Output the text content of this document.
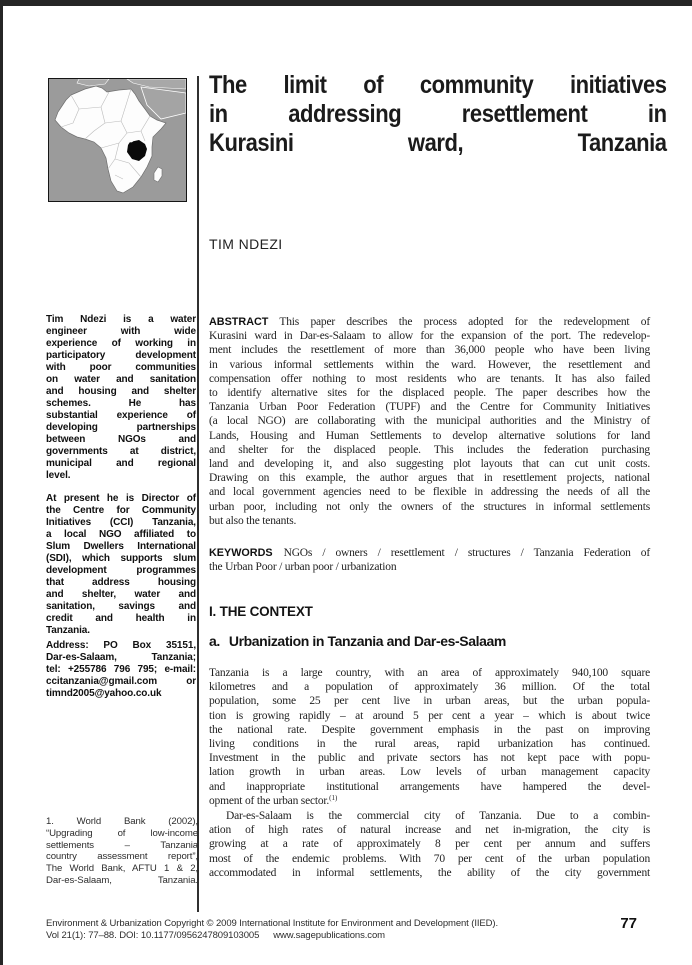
The limit of community initiatives
in addressing resettlement in
Kurasini ward, Tanzania
TIM NDEZI
Tim Ndezi is a water
engineer with wide
experience of working in
participatory development
with poor communities
on water and sanitation
and housing and shelter
schemes. He has
substantial experience of
developing partnerships
between NGOs and
governments at district,
municipal and regional
level.
At present he is Director of
the Centre for Community
Initiatives (CCI) Tanzania,
a local NGO affiliated to
Slum Dwellers International
(SDI), which supports slum
development programmes
that address housing
and shelter, water and
sanitation, savings and
credit and health in
Tanzania.
Address: PO Box 35151,
Dar-es-Salaam, Tanzania;
tel: +255786 796 795; e-mail:
ccitanzania@gmail.com or
timnd2005@yahoo.co.uk
1. World Bank (2002),
“Upgrading of low-income
settlements – Tanzania
country assessment report”,
The World Bank, AFTU 1 & 2,
Dar-es-Salaam, Tanzania.
ABSTRACT This paper describes the process adopted for the redevelopment of
Kurasini ward in Dar-es-Salaam to allow for the expansion of the port. The redevelop-
ment includes the resettlement of more than 36,000 people who have been living
in various informal settlements within the ward. However, the resettlement and
compensation offer nothing to most residents who are tenants. It has also failed
to identify alternative sites for the displaced people. The paper describes how the
Tanzania Urban Poor Federation (TUPF) and the Centre for Community Initiatives
(a local NGO) are collaborating with the municipal authorities and the Ministry of
Lands, Housing and Human Settlements to develop alternative solutions for land
and shelter for the displaced people. This includes the federation purchasing
land and developing it, and also suggesting plot layouts that can cut unit costs.
Drawing on this example, the author argues that in resettlement projects, national
and local government agencies need to be flexible in addressing the needs of all the
urban poor, including not only the owners of the structures in informal settlements
but also the tenants.
KEYWORDS NGOs / owners / resettlement / structures / Tanzania Federation of
the Urban Poor / urban poor / urbanization
I. THE CONTEXT
a. Urbanization in Tanzania and Dar-es-Salaam
Tanzania is a large country, with an area of approximately 940,100 square
kilometres and a population of approximately 36 million. Of the total
population, some 25 per cent live in urban areas, but the urban popula-
tion is growing rapidly – at around 5 per cent a year – which is about twice
the national rate. Despite government emphasis in the past on improving
living conditions in the rural areas, rapid urbanization has continued.
Investment in the public and private sectors has not kept pace with popu-
lation growth in urban areas. Low levels of urban management capacity
and inappropriate institutional arrangements have hampered the devel-
opment of the urban sector.$^{(1)}$
Dar-es-Salaam is the commercial city of Tanzania. Due to a combin-
ation of high rates of natural increase and net in-migration, the city is
growing at a rate of approximately 8 per cent per annum and suffers
most of the endemic problems. With 70 per cent of the urban population
accommodated in informal settlements, the ability of the city government
Environment & Urbanization Copyright © 2009 International Institute for Environment and Development (IIED).
Vol 21(1): 77–88. DOI: 10.1177/0956247809103005 www.sagepublications.com
77
